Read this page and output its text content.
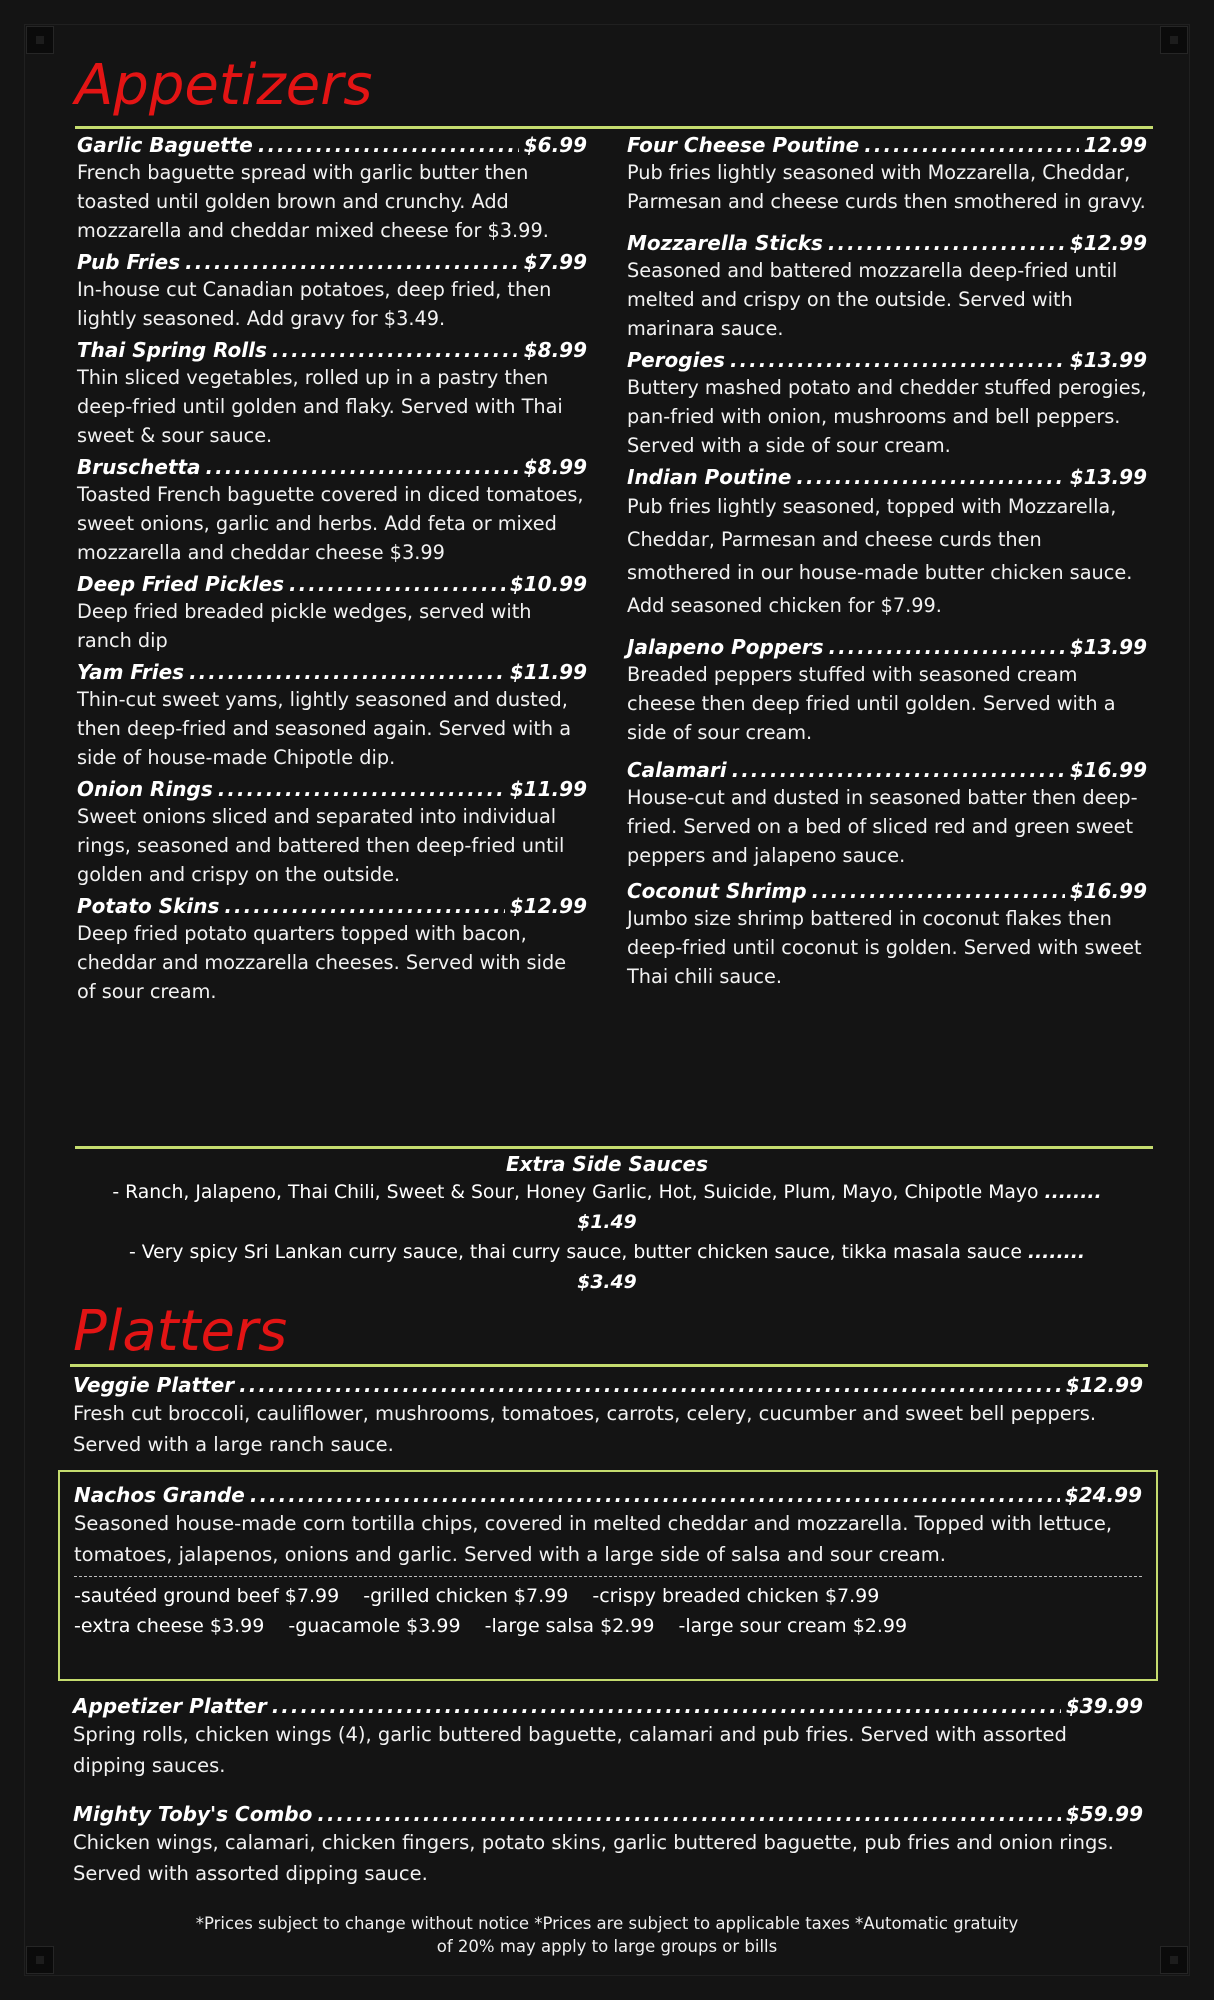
Appetizers
Garlic Baguette .....	$6.99

French baguette spread with garlic butter then toasted until golden brown and crunchy. Add mozzarella and cheddar mixed cheese for $3.99.

Pub Fries .....	$7.99

In-house cut Canadian potatoes, deep fried, then lightly seasoned. Add gravy for $3.49.

Thai Spring Rolls .....	$8.99

Thin sliced vegetables, rolled up in a pastry then deep-fried until golden and flaky. Served with Thai sweet & sour sauce.

Bruschetta .....	$8.99

Toasted French baguette covered in diced tomatoes, sweet onions, garlic and herbs. Add feta or mixed mozzarella and cheddar cheese $3.99

Deep Fried Pickles .....	$10.99

Deep fried breaded pickle wedges, served with ranch dip

Yam Fries .....	$11.99

Thin-cut sweet yams, lightly seasoned and dusted, then deep-fried and seasoned again. Served with a side of house-made Chipotle dip.

Onion Rings .....	$11.99

Sweet onions sliced and separated into individual rings, seasoned and battered then deep-fried until golden and crispy on the outside.

Potato Skins .....	$12.99

Deep fried potato quarters topped with bacon, cheddar and mozzarella cheeses. Served with side of sour cream.

Four Cheese Poutine .....	12.99

Pub fries lightly seasoned with Mozzarella, Cheddar, Parmesan and cheese curds then smothered in gravy.

Mozzarella Sticks .....	$12.99

Seasoned and battered mozzarella deep-fried until melted and crispy on the outside. Served with marinara sauce.

Perogies .....	$13.99

Buttery mashed potato and chedder stuffed perogies, pan-fried with onion, mushrooms and bell peppers. Served with a side of sour cream.

Indian Poutine .....	$13.99

Pub fries lightly seasoned, topped with Mozzarella, Cheddar, Parmesan and cheese curds then smothered in our house-made butter chicken sauce. Add seasoned chicken for $7.99.

Jalapeno Poppers .....	$13.99

Breaded peppers stuffed with seasoned cream cheese then deep fried until golden. Served with a side of sour cream.

Calamari .....	$16.99

House-cut and dusted in seasoned batter then deep-fried. Served on a bed of sliced red and green sweet peppers and jalapeno sauce.

Coconut Shrimp .....	$16.99

Jumbo size shrimp battered in coconut flakes then deep-fried until coconut is golden. Served with sweet Thai chili sauce.

Extra Side Sauces
- Ranch, Jalapeno, Thai Chili, Sweet & Sour, Honey Garlic, Hot, Suicide, Plum, Mayo, Chipotle Mayo ........ $1.49
- Very spicy Sri Lankan curry sauce, thai curry sauce, butter chicken sauce, tikka masala sauce ........ $3.49
Platters
Veggie Platter .....	$12.99

Fresh cut broccoli, cauliflower, mushrooms, tomatoes, carrots, celery, cucumber and sweet bell peppers. Served with a large ranch sauce.

Nachos Grande .....	$24.99

Seasoned house-made corn tortilla chips, covered in melted cheddar and mozzarella. Topped with lettuce, tomatoes, jalapenos, onions and garlic. Served with a large side of salsa and sour cream.

-sautéed ground beef $7.99 -grilled chicken $7.99 -crispy breaded chicken $7.99
-extra cheese $3.99 -guacamole $3.99 -large salsa $2.99 -large sour cream $2.99
Appetizer Platter .....	$39.99

Spring rolls, chicken wings (4), garlic buttered baguette, calamari and pub fries. Served with assorted dipping sauces.

Mighty Toby's Combo .....	$59.99

Chicken wings, calamari, chicken fingers, potato skins, garlic buttered baguette, pub fries and onion rings. Served with assorted dipping sauce.

*Prices subject to change without notice *Prices are subject to applicable taxes *Automatic gratuity
of 20% may apply to large groups or bills
